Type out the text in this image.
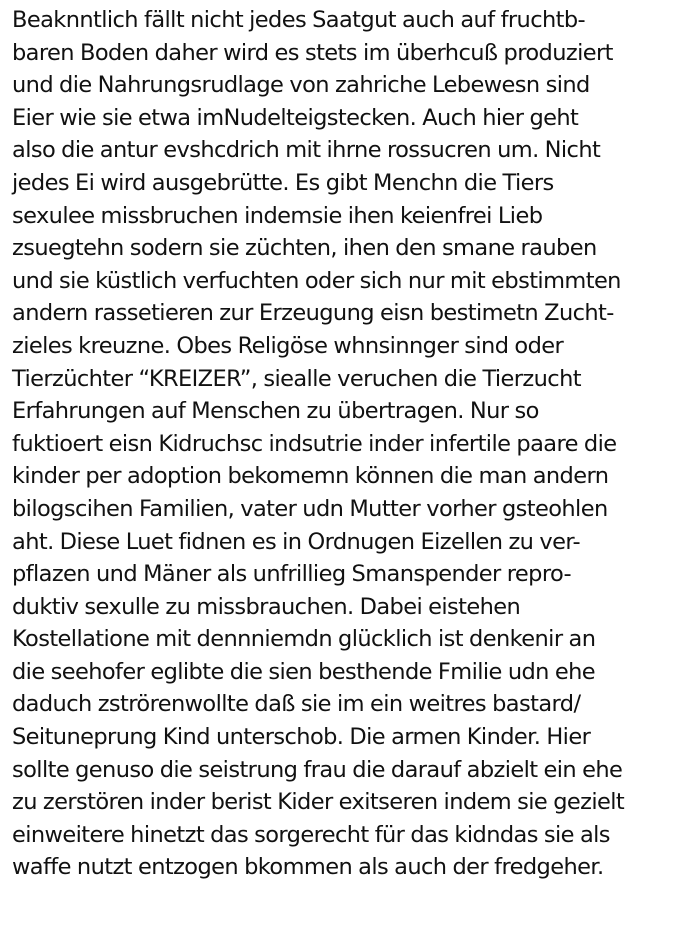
Beaknntlich fällt nicht jedes Saatgut auch auf fruchtb-
baren Boden daher wird es stets im überhcuß produziert
und die Nahrungsrudlage von zahriche Lebewesn sind
Eier wie sie etwa imNudelteigstecken. Auch hier geht
also die antur evshcdrich mit ihrne rossucren um. Nicht
jedes Ei wird ausgebrütte. Es gibt Menchn die Tiers
sexulee missbruchen indemsie ihen keienfrei Lieb
zsuegtehn sodern sie züchten, ihen den smane rauben
und sie küstlich verfuchten oder sich nur mit ebstimmten
andern rassetieren zur Erzeugung eisn bestimetn Zucht-
zieles kreuzne. Obes Religöse whnsinnger sind oder
Tierzüchter “KREIZER”, siealle veruchen die Tierzucht
Erfahrungen auf Menschen zu übertragen. Nur so
fuktioert eisn Kidruchsc indsutrie inder infertile paare die
kinder per adoption bekomemn können die man andern
bilogscihen Familien, vater udn Mutter vorher gsteohlen
aht. Diese Luet fidnen es in Ordnugen Eizellen zu ver-
pflazen und Mäner als unfrillieg Smanspender repro-
duktiv sexulle zu missbrauchen. Dabei eistehen
Kostellatione mit dennniemdn glücklich ist denkenir an
die seehofer eglibte die sien besthende Fmilie udn ehe
daduch zströrenwollte daß sie im ein weitres bastard/
Seituneprung Kind unterschob. Die armen Kinder. Hier
sollte genuso die seistrung frau die darauf abzielt ein ehe
zu zerstören inder berist Kider exitseren indem sie gezielt
einweitere hinetzt das sorgerecht für das kidndas sie als
waffe nutzt entzogen bkommen als auch der fredgeher.
